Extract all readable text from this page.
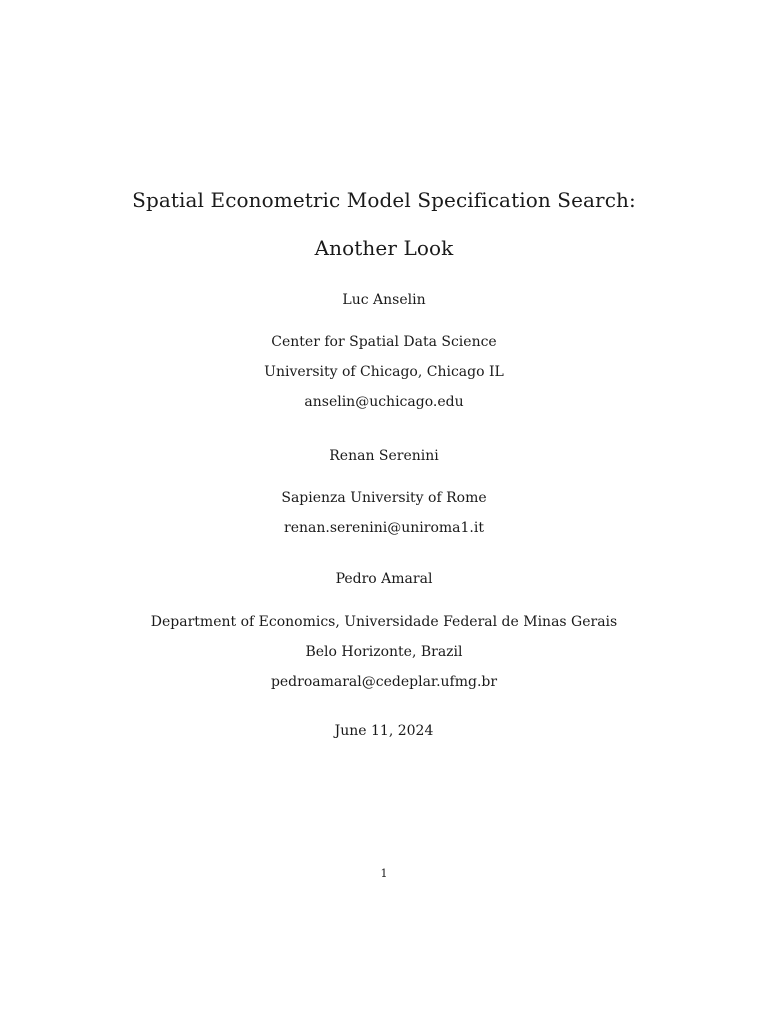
Spatial Econometric Model Specification Search:
Another Look
Luc Anselin
Center for Spatial Data Science
University of Chicago, Chicago IL
anselin@uchicago.edu
Renan Serenini
Sapienza University of Rome
renan.serenini@uniroma1.it
Pedro Amaral
Department of Economics, Universidade Federal de Minas Gerais
Belo Horizonte, Brazil
pedroamaral@cedeplar.ufmg.br
June 11, 2024
1
